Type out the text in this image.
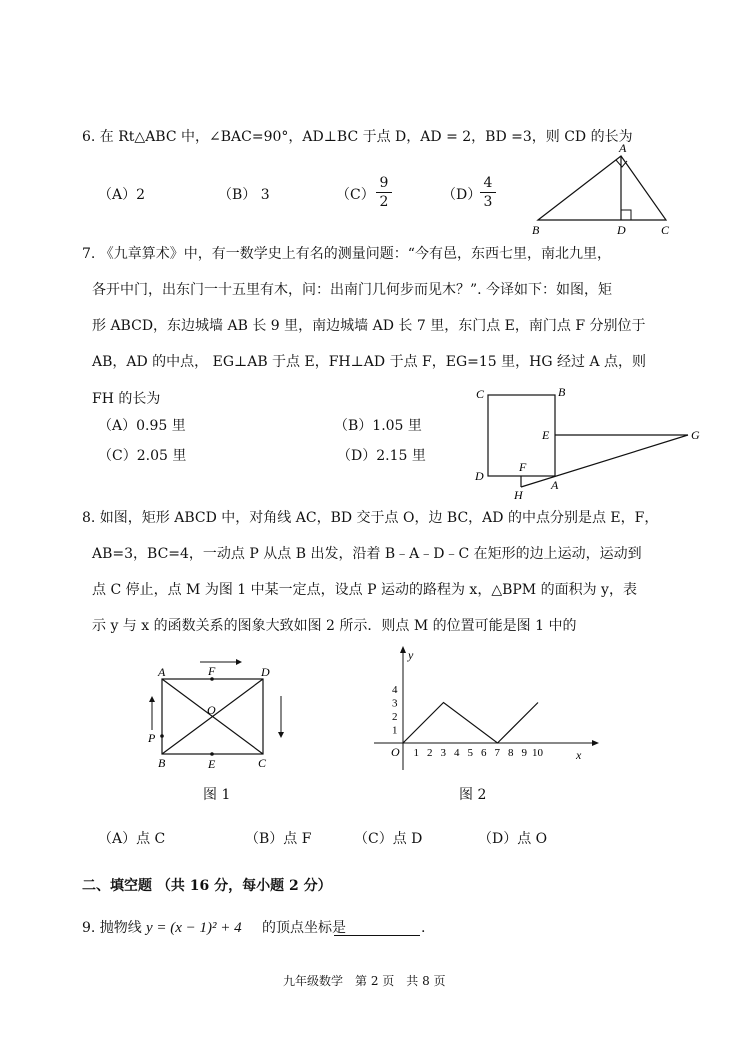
6. 在 Rt△ABC 中，∠BAC=90°，AD⊥BC 于点 D，AD = 2，BD =3，则 CD 的长为
（A）2	（B） 3	（C）
9
2	（D）
4
3
A
B	D	C
7. 《九章算术》中，有一数学史上有名的测量问题：“今有邑，东西七里，南北九里，
各开中门，出东门一十五里有木，问：出南门几何步而见木？”. 今译如下：如图，矩
形 ABCD，东边城墙 AB 长 9 里，南边城墙 AD 长 7 里，东门点 E，南门点 F 分别位于
AB，AD 的中点， EG⊥AB 于点 E，FH⊥AD 于点 F，EG=15 里，HG 经过 A 点，则
FH 的长为
（A）0.95 里	（B）1.05 里
（C）2.05 里	（D）2.15 里
C	B
E	G
D
F
A
H
8. 如图，矩形 ABCD 中，对角线 AC，BD 交于点 O，边 BC，AD 的中点分别是点 E，F，
AB=3，BC=4，一动点 P 从点 B 出发，沿着 B﹣A﹣D﹣C 在矩形的边上运动，运动到
点 C 停止，点 M 为图 1 中某一定点，设点 P 运动的路程为 x，△BPM 的面积为 y，表
示 y 与 x 的函数关系的图象大致如图 2 所示．则点 M 的位置可能是图 1 中的
A	F	D
O
P
B	E	C
图 1
y
x
O 1 2 3 4 5 6 7 8 9 10
1
2
3
4
图 2
（A）点 C	（B）点 F	（C）点 D	（D）点 O
二、填空题 （共 16 分，每小题 2 分）
9. 抛物线 y = (x − 1)² + 4 的顶点坐标是	.
九年级数学　第 2 页　共 8 页
